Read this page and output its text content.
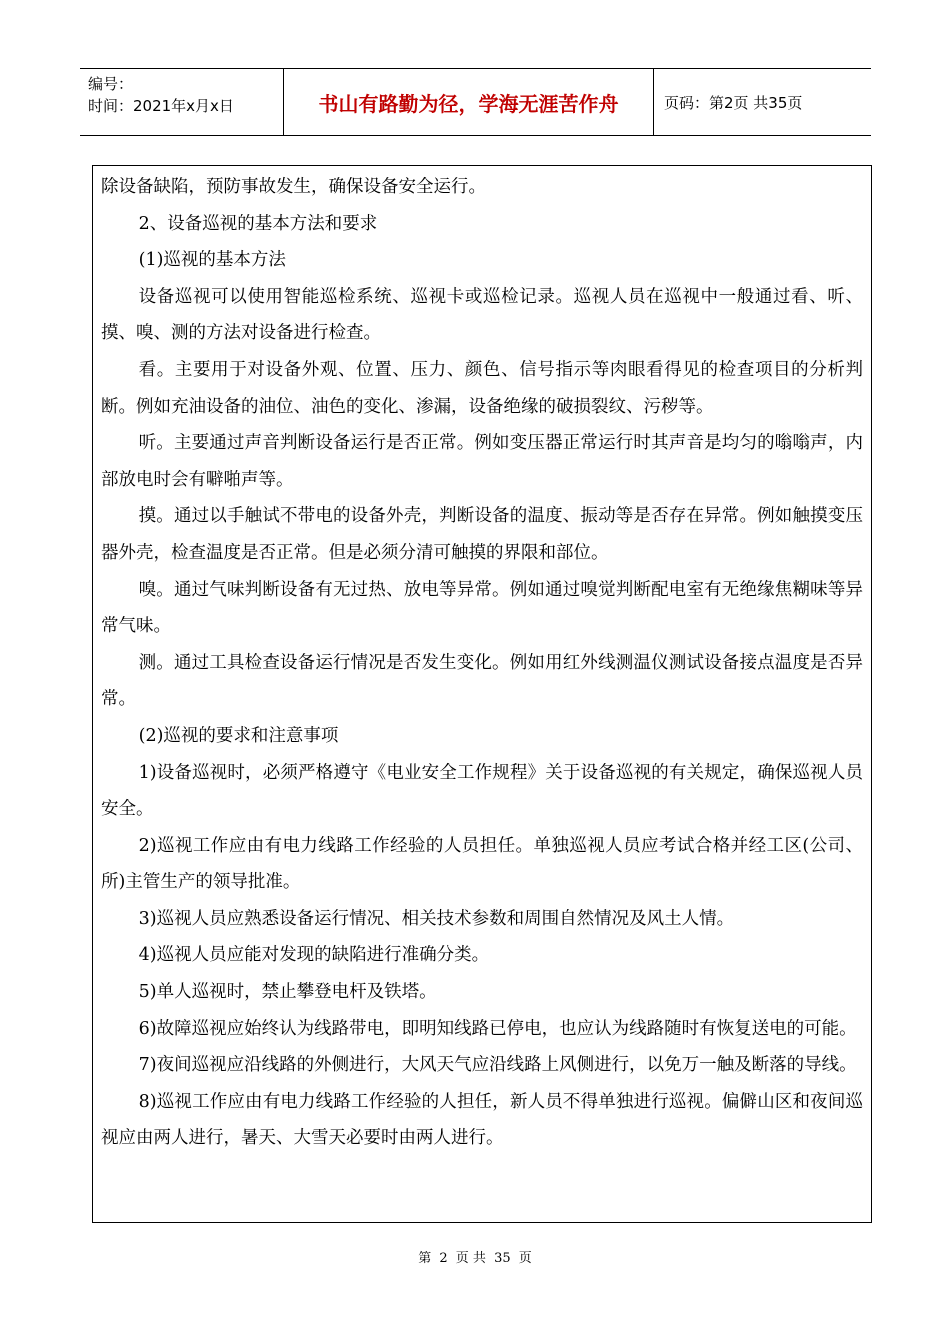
编号：
时间：2021年x月x日	书山有路勤为径，学海无涯苦作舟	页码：第2页 共35页

除设备缺陷，预防事故发生，确保设备安全运行。

2、设备巡视的基本方法和要求

(1)巡视的基本方法

设备巡视可以使用智能巡检系统、巡视卡或巡检记录。巡视人员在巡视中一般通过看、听、摸、嗅、测的方法对设备进行检查。

看。主要用于对设备外观、位置、压力、颜色、信号指示等肉眼看得见的检查项目的分析判断。例如充油设备的油位、油色的变化、渗漏，设备绝缘的破损裂纹、污秽等。

听。主要通过声音判断设备运行是否正常。例如变压器正常运行时其声音是均匀的嗡嗡声，内部放电时会有噼啪声等。

摸。通过以手触试不带电的设备外壳，判断设备的温度、振动等是否存在异常。例如触摸变压器外壳，检查温度是否正常。但是必须分清可触摸的界限和部位。

嗅。通过气味判断设备有无过热、放电等异常。例如通过嗅觉判断配电室有无绝缘焦糊味等异常气味。

测。通过工具检查设备运行情况是否发生变化。例如用红外线测温仪测试设备接点温度是否异常。

(2)巡视的要求和注意事项

1)设备巡视时，必须严格遵守《电业安全工作规程》关于设备巡视的有关规定，确保巡视人员安全。

2)巡视工作应由有电力线路工作经验的人员担任。单独巡视人员应考试合格并经工区(公司、所)主管生产的领导批准。

3)巡视人员应熟悉设备运行情况、相关技术参数和周围自然情况及风土人情。

4)巡视人员应能对发现的缺陷进行准确分类。

5)单人巡视时，禁止攀登电杆及铁塔。

6)故障巡视应始终认为线路带电，即明知线路已停电，也应认为线路随时有恢复送电的可能。

7)夜间巡视应沿线路的外侧进行，大风天气应沿线路上风侧进行，以免万一触及断落的导线。

8)巡视工作应由有电力线路工作经验的人担任，新人员不得单独进行巡视。偏僻山区和夜间巡视应由两人进行，暑天、大雪天必要时由两人进行。

第 2 页 共 35 页
